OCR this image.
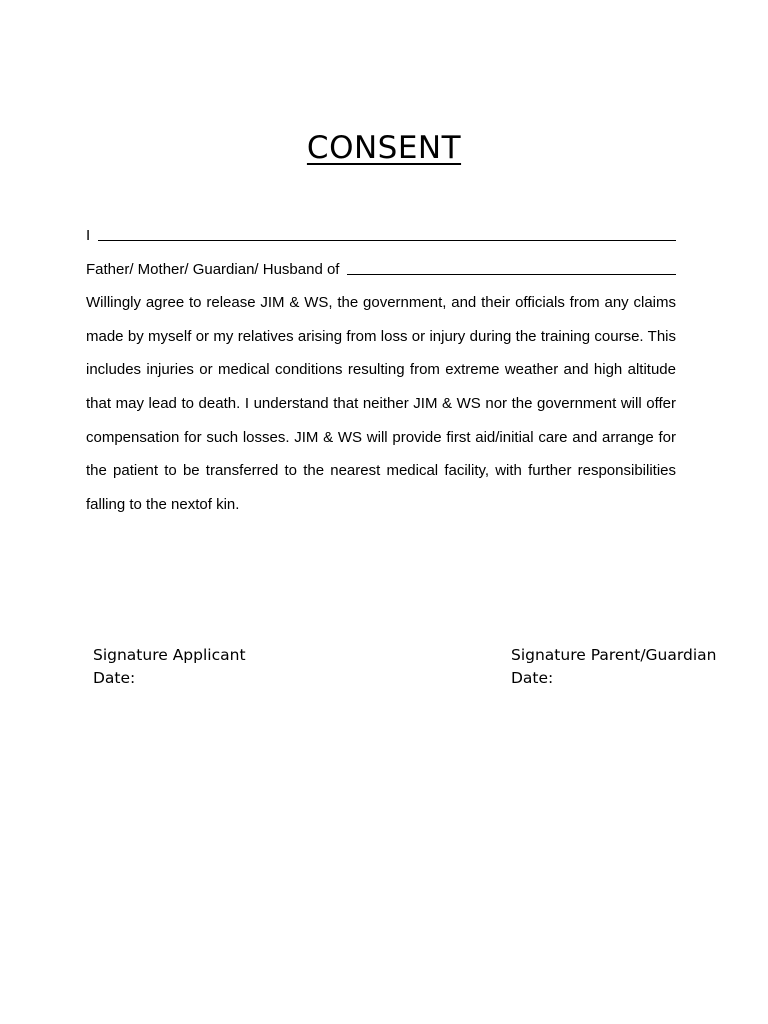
CONSENT
I
Father/ Mother/ Guardian/ Husband of
Willingly agree to release JIM & WS, the government, and their officials from any claims made by myself or my relatives arising from loss or injury during the training course. This includes injuries or medical conditions resulting from extreme weather and high altitude that may lead to death. I understand that neither JIM & WS nor the government will offer compensation for such losses. JIM & WS will provide first aid/initial care and arrange for the patient to be transferred to the nearest medical facility, with further responsibilities falling to the nextof kin.
Signature Applicant
Date:
Signature Parent/Guardian
Date:
